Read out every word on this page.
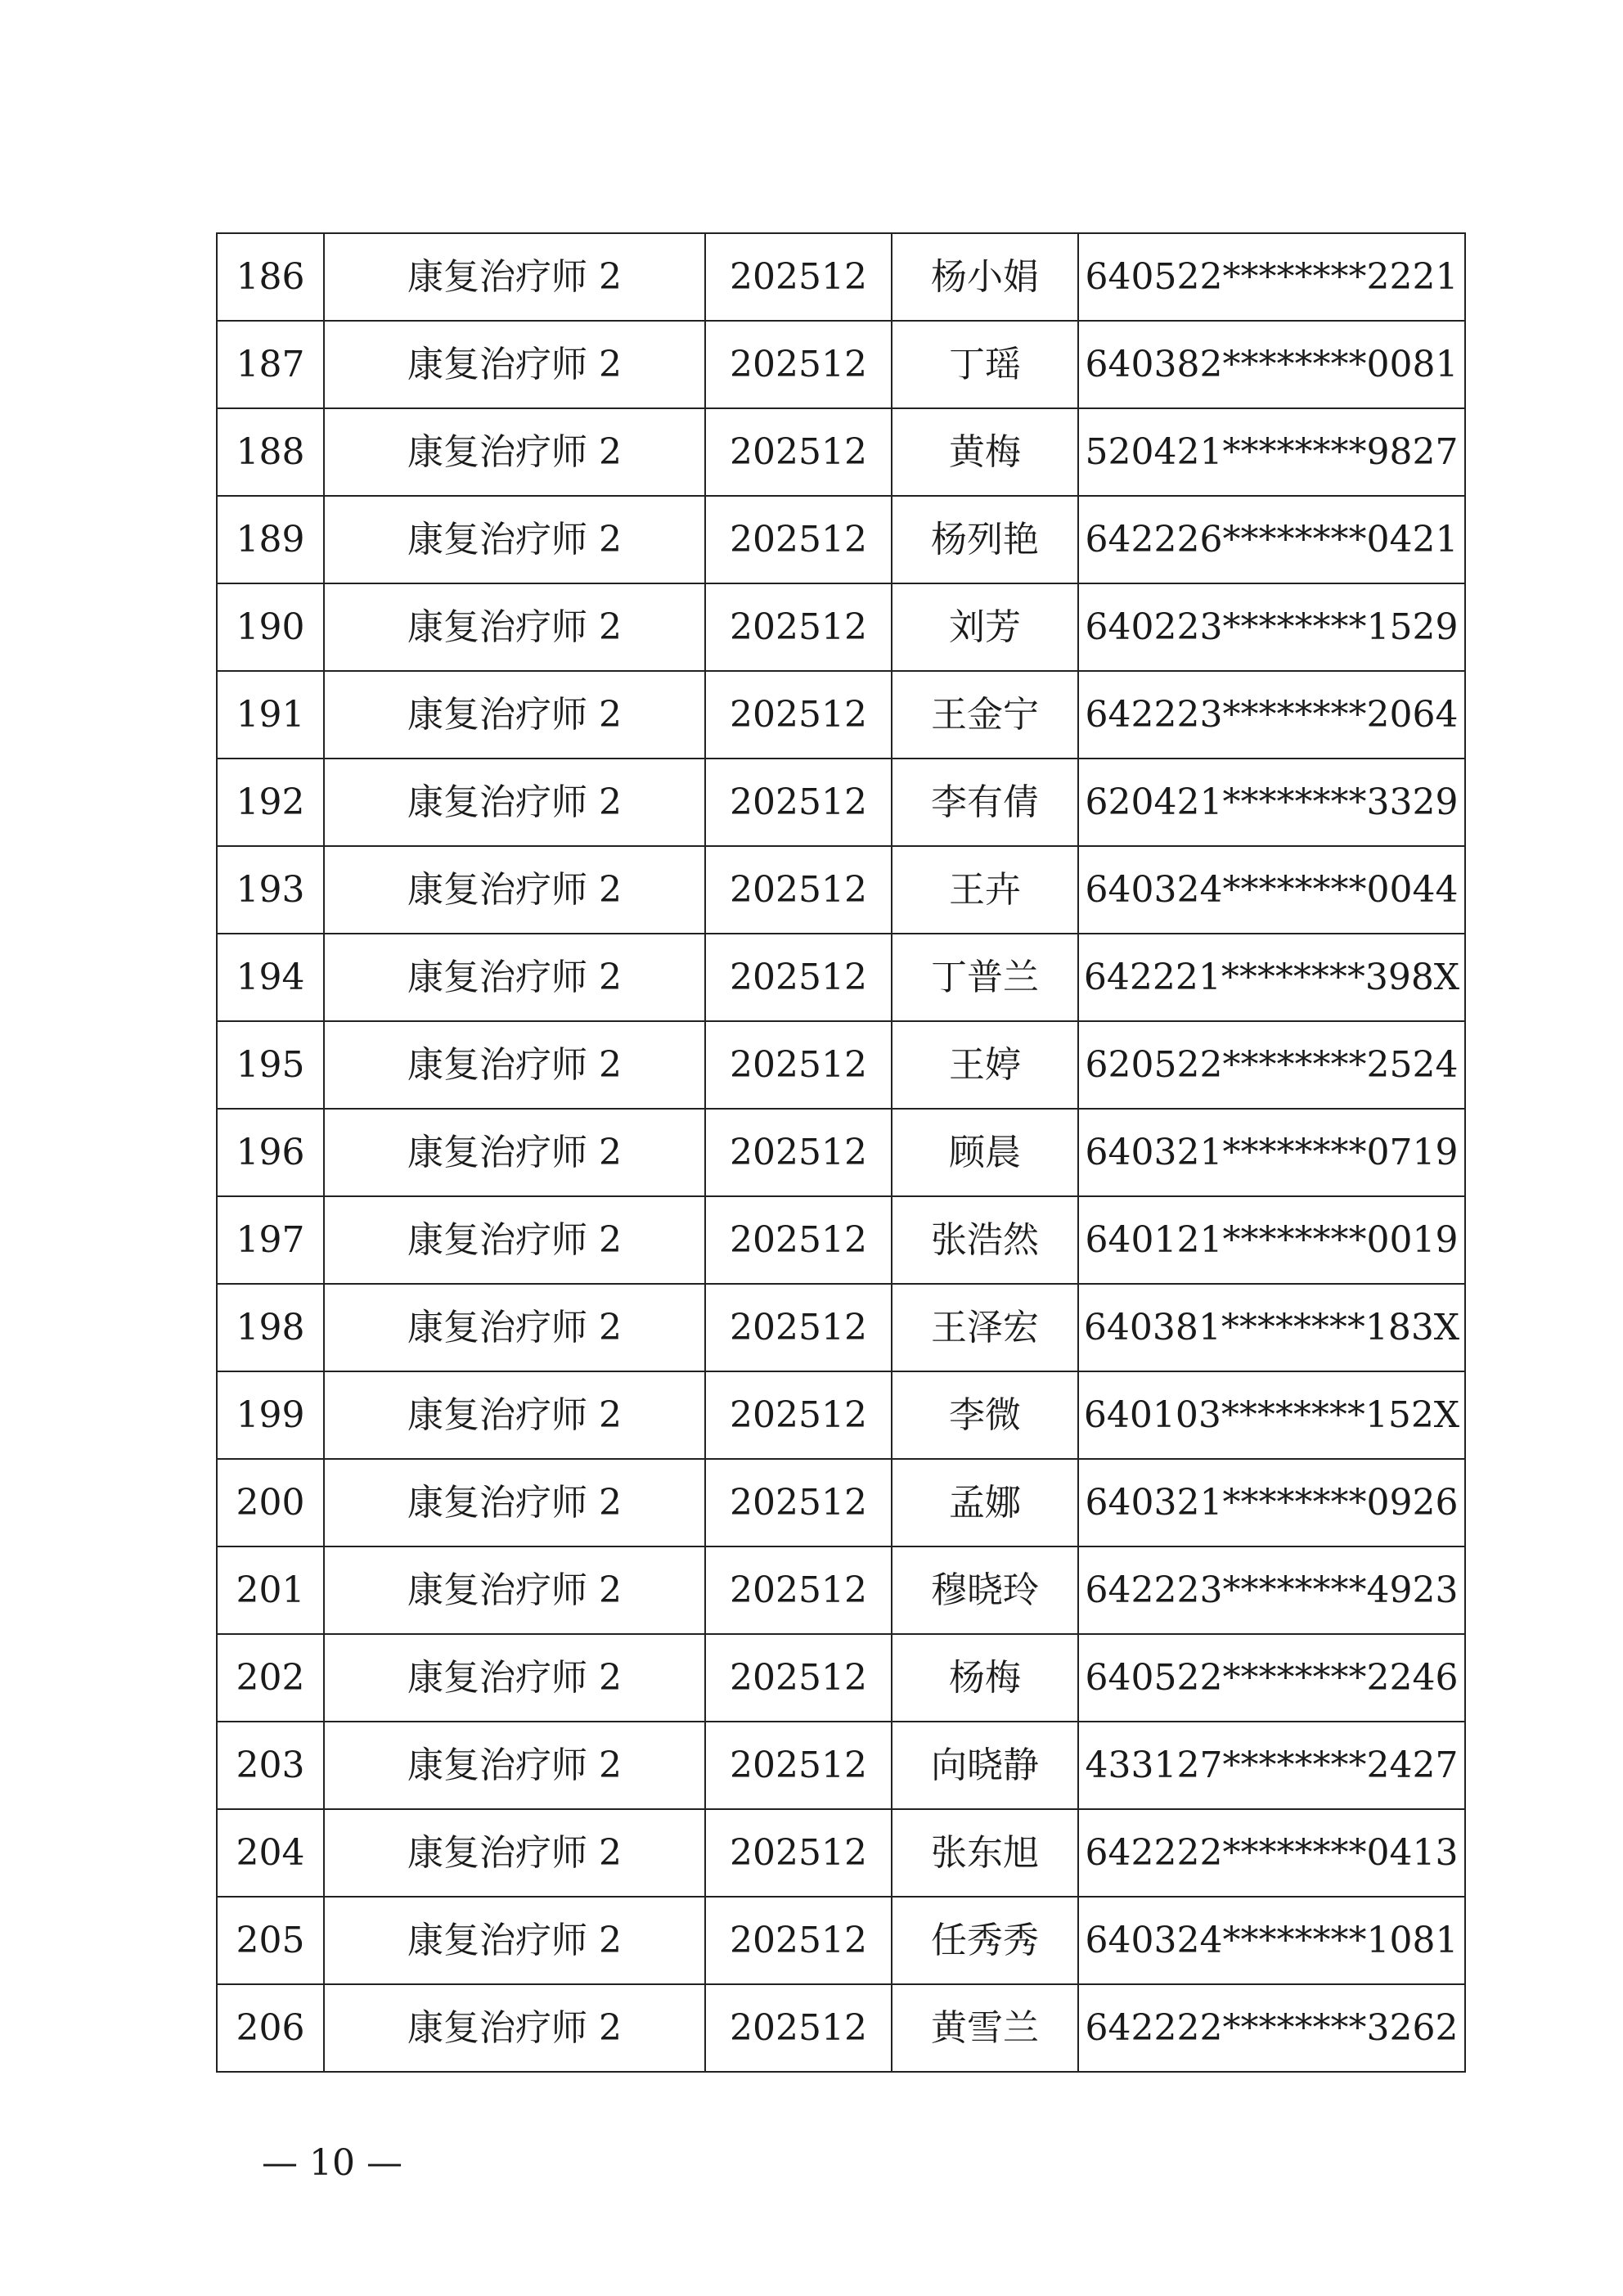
186	康复治疗师 2	202512	杨小娟	640522********2221
187	康复治疗师 2	202512	丁瑶	640382********0081
188	康复治疗师 2	202512	黄梅	520421********9827
189	康复治疗师 2	202512	杨列艳	642226********0421
190	康复治疗师 2	202512	刘芳	640223********1529
191	康复治疗师 2	202512	王金宁	642223********2064
192	康复治疗师 2	202512	李有倩	620421********3329
193	康复治疗师 2	202512	王卉	640324********0044
194	康复治疗师 2	202512	丁普兰	642221********398X
195	康复治疗师 2	202512	王婷	620522********2524
196	康复治疗师 2	202512	顾晨	640321********0719
197	康复治疗师 2	202512	张浩然	640121********0019
198	康复治疗师 2	202512	王泽宏	640381********183X
199	康复治疗师 2	202512	李微	640103********152X
200	康复治疗师 2	202512	孟娜	640321********0926
201	康复治疗师 2	202512	穆晓玲	642223********4923
202	康复治疗师 2	202512	杨梅	640522********2246
203	康复治疗师 2	202512	向晓静	433127********2427
204	康复治疗师 2	202512	张东旭	642222********0413
205	康复治疗师 2	202512	任秀秀	640324********1081
206	康复治疗师 2	202512	黄雪兰	642222********3262
— 10 —
